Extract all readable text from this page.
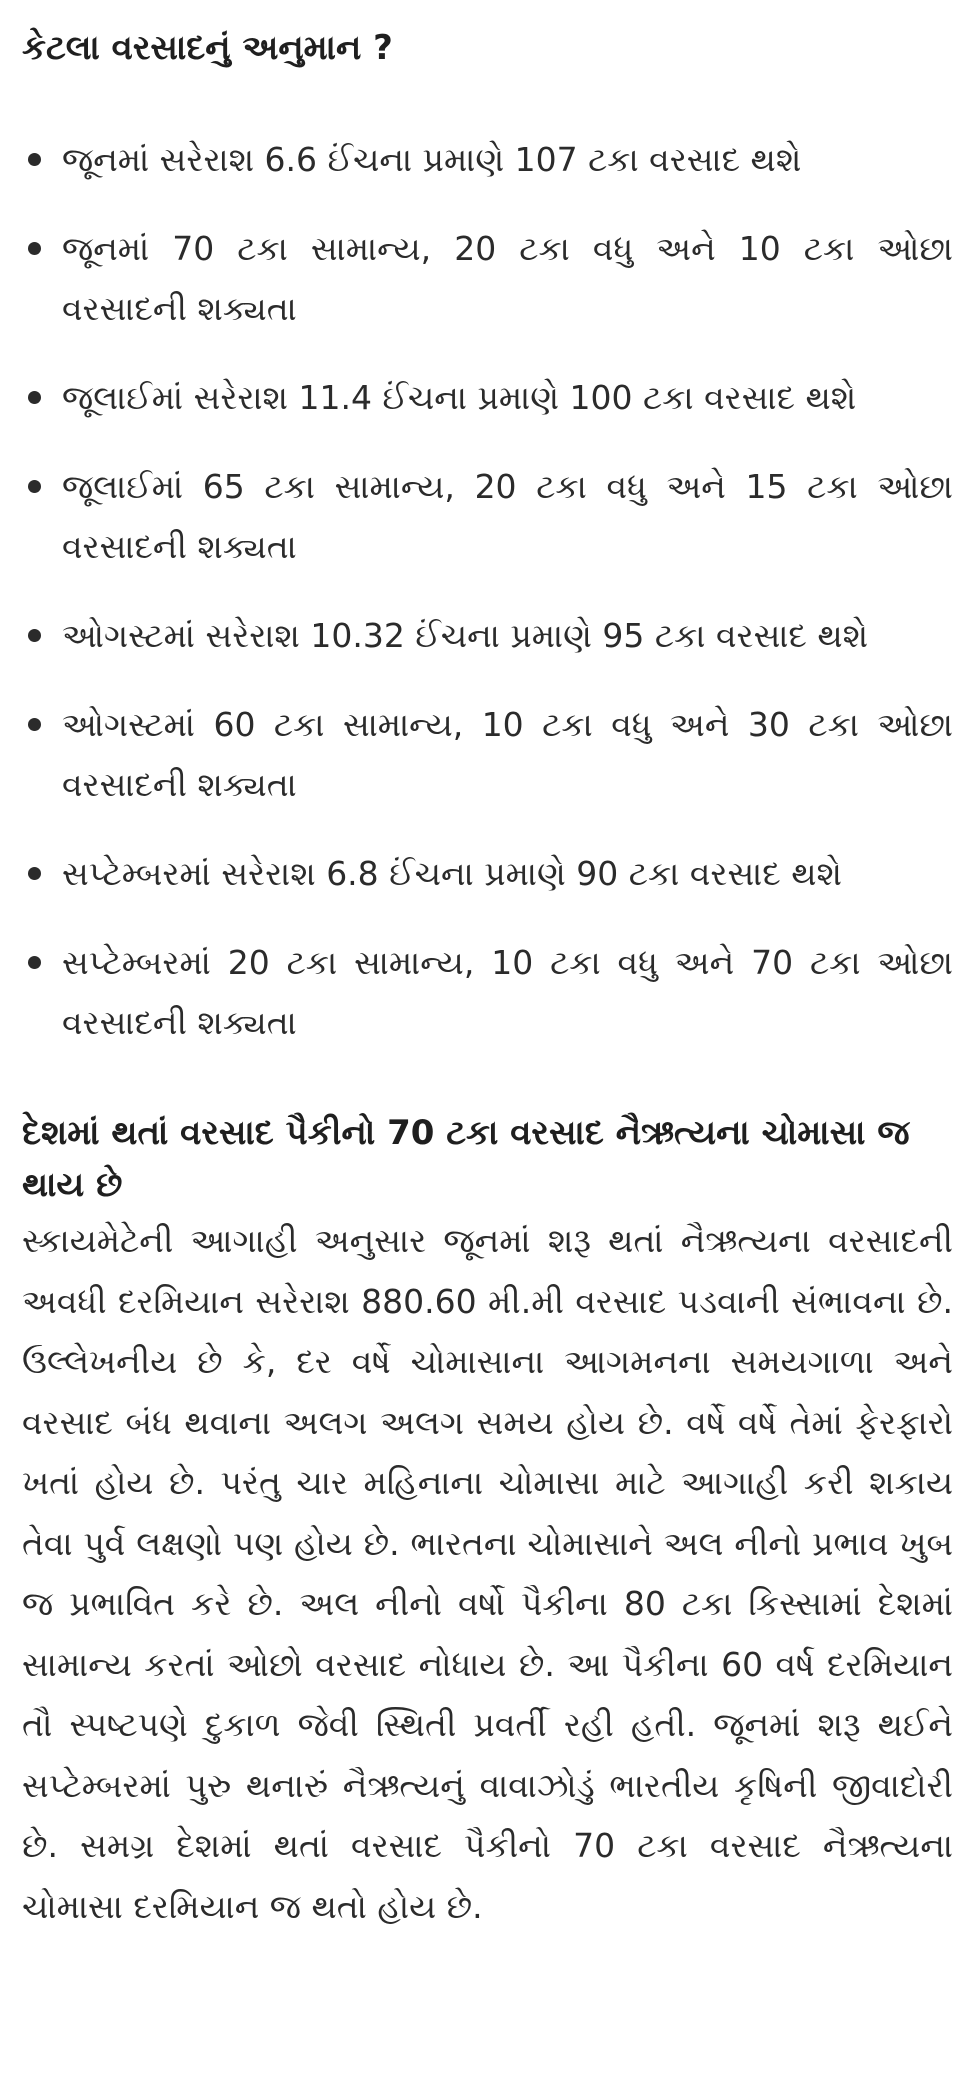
કેટલા વરસાદનું અનુમાન ?
જૂનમાં સરેરાશ 6.6 ઈંચના પ્રમાણે 107 ટકા વરસાદ થશે
જૂનમાં 70 ટકા સામાન્ય, 20 ટકા વધુ અને 10 ટકા ઓછા વરસાદની શક્યતા
જૂલાઈમાં સરેરાશ 11.4 ઈંચના પ્રમાણે 100 ટકા વરસાદ થશે
જૂલાઈમાં 65 ટકા સામાન્ય, 20 ટકા વધુ અને 15 ટકા ઓછા વરસાદની શક્યતા
ઓગસ્ટમાં સરેરાશ 10.32 ઈંચના પ્રમાણે 95 ટકા વરસાદ થશે
ઓગસ્ટમાં 60 ટકા સામાન્ય, 10 ટકા વધુ અને 30 ટકા ઓછા વરસાદની શક્યતા
સપ્ટેમ્બરમાં સરેરાશ 6.8 ઈંચના પ્રમાણે 90 ટકા વરસાદ થશે
સપ્ટેમ્બરમાં 20 ટકા સામાન્ય, 10 ટકા વધુ અને 70 ટકા ઓછા વરસાદની શક્યતા
દેશમાં થતાં વરસાદ પૈકીનો 70 ટકા વરસાદ નૈઋત્યના ચોમાસા જ થાય છે

સ્કાયમેટેની આગાહી અનુસાર જૂનમાં શરૂ થતાં નૈઋત્યના વરસાદની અવધી દરમિયાન સરેરાશ 880.60 મી.મી વરસાદ પડવાની સંભાવના છે. ઉલ્લેખનીય છે કે, દર વર્ષે ચોમાસાના આગમનના સમયગાળા અને વરસાદ બંધ થવાના અલગ અલગ સમય હોય છે. વર્ષે વર્ષે તેમાં ફેરફારો ખતાં હોય છે. પરંતુ ચાર મહિનાના ચોમાસા માટે આગાહી કરી શકાય તેવા પુર્વ લક્ષણો પણ હોય છે. ભારતના ચોમાસાને અલ નીનો પ્રભાવ ખુબ જ પ્રભાવિત કરે છે. અલ નીનો વર્ષો પૈકીના 80 ટકા કિસ્સામાં દેશમાં સામાન્ય કરતાં ઓછો વરસાદ નોધાય છે. આ પૈકીના 60 વર્ષ દરમિયાન તૌ સ્પષ્ટપણે દુકાળ જેવી સ્થિતી પ્રવર્તી રહી હતી. જૂનમાં શરૂ થઈને સપ્ટેમ્બરમાં પુરુ થનારું નૈઋત્યનું વાવાઝોડું ભારતીય કૃષિની જીવાદોરી છે. સમગ્ર દેશમાં થતાં વરસાદ પૈકીનો 70 ટકા વરસાદ નૈઋત્યના ચોમાસા દરમિયાન જ થતો હોય છે.
